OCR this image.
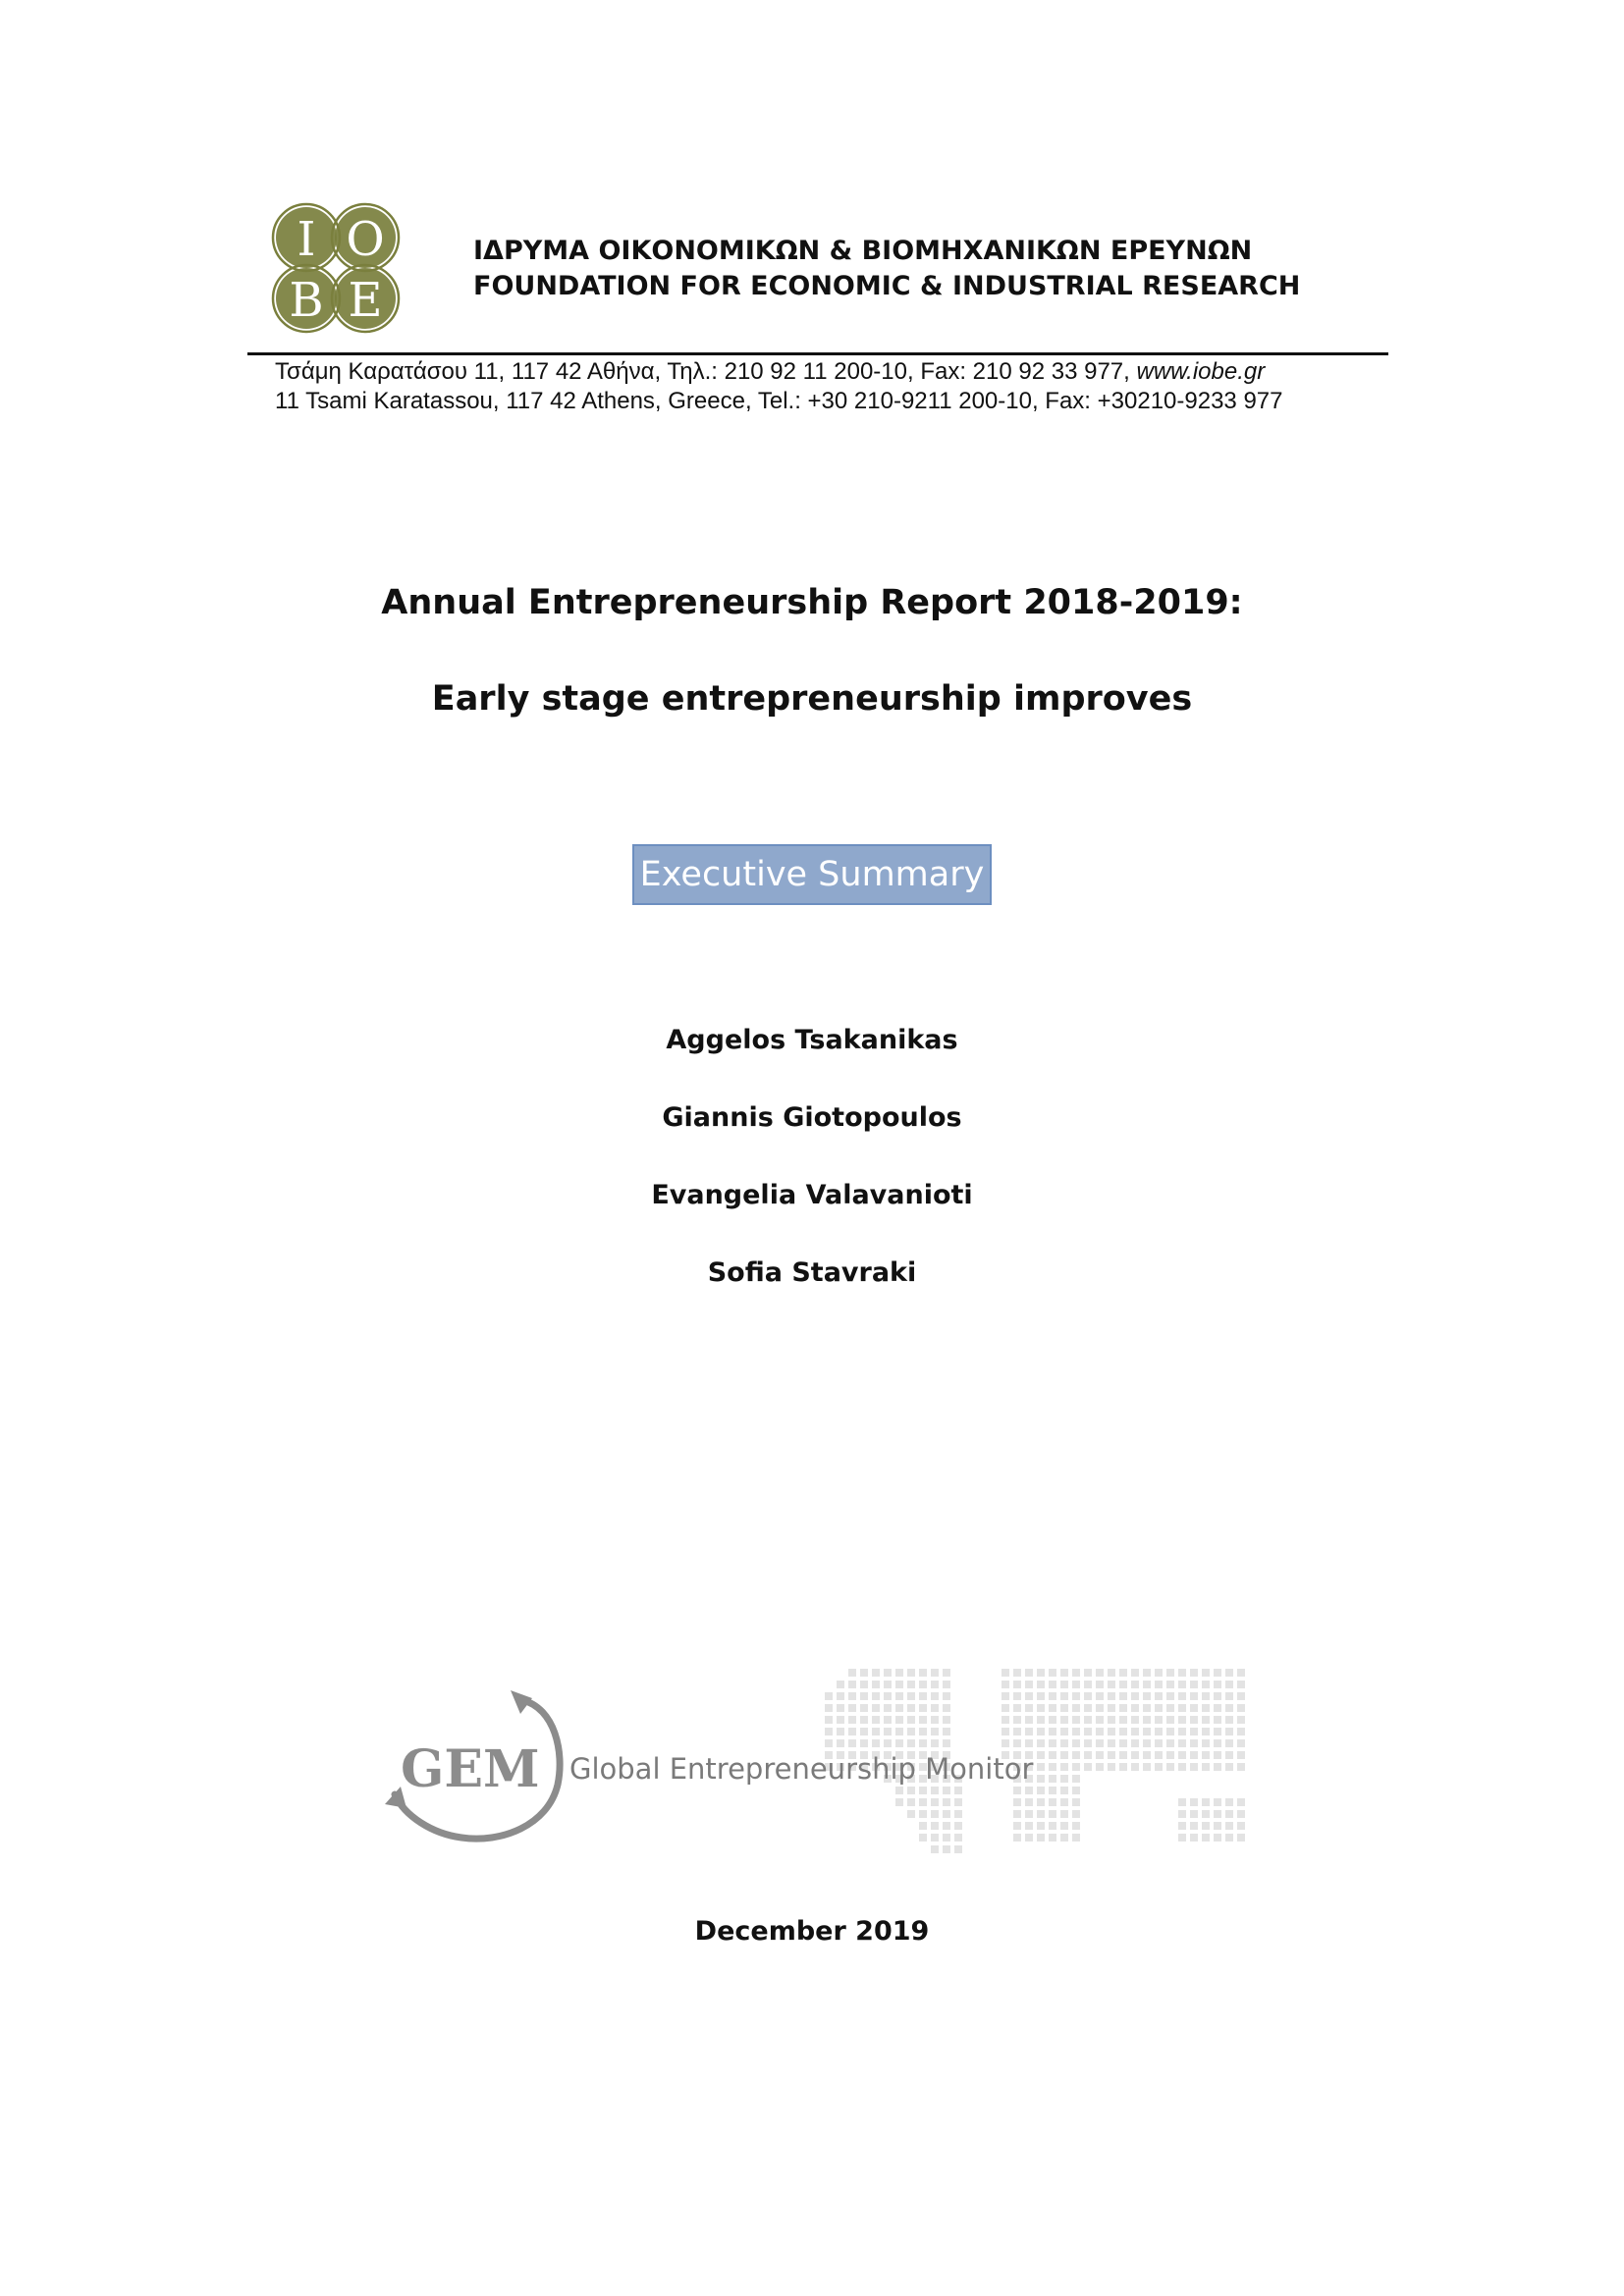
I O
B E
ΙΔΡΥΜΑ ΟΙΚΟΝΟΜΙΚΩΝ & ΒΙΟΜΗΧΑΝΙΚΩΝ ΕΡΕΥΝΩΝ
FOUNDATION FOR ECONOMIC & INDUSTRIAL RESEARCH
Τσάμη Καρατάσου 11, 117 42 Αθήνα, Τηλ.: 210 92 11 200-10, Fax: 210 92 33 977, www.iobe.gr
11 Tsami Karatassou, 117 42 Athens, Greece, Tel.: +30 210-9211 200-10, Fax: +30210-9233 977
Annual Entrepreneurship Report 2018-2019:
Early stage entrepreneurship improves
Executive Summary
Aggelos Tsakanikas
Giannis Giotopoulos
Evangelia Valavanioti
Sofia Stavraki
GEM Global Entrepreneurship Monitor
December 2019
